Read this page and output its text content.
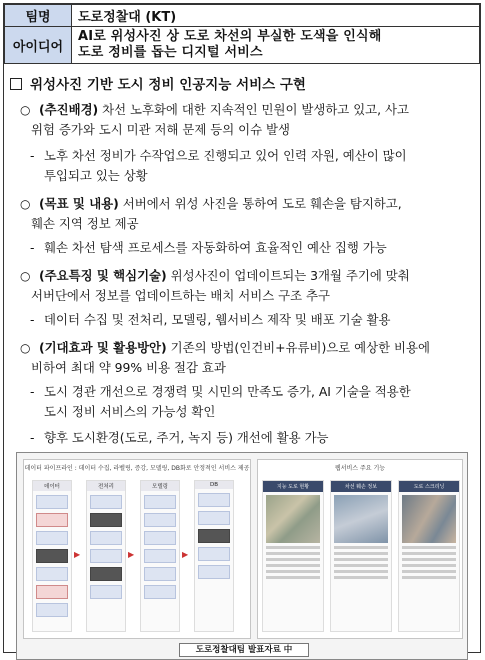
팀명	도로정찰대 (KT)
아이디어	AI로 위성사진 상 도로 차선의 부실한 도색을 인식해
도로 정비를 돕는 디지털 서비스
위성사진 기반 도시 정비 인공지능 서비스 구현
○ (추진배경) 차선 노후화에 대한 지속적인 민원이 발생하고 있고, 사고
위험 증가와 도시 미관 저해 문제 등의 이슈 발생
- 노후 차선 정비가 수작업으로 진행되고 있어 인력 자원, 예산이 많이
투입되고 있는 상황
○ (목표 및 내용) 서버에서 위성 사진을 통하여 도로 훼손을 탐지하고,
훼손 지역 정보 제공
- 훼손 차선 탐색 프로세스를 자동화하여 효율적인 예산 집행 가능
○ (주요특징 및 핵심기술) 위성사진이 업데이트되는 3개월 주기에 맞춰
서버단에서 정보를 업데이트하는 배치 서비스 구조 추구
- 데이터 수집 및 전처리, 모델링, 웹서비스 제작 및 배포 기술 활용
○ (기대효과 및 활용방안) 기존의 방법(인건비+유류비)으로 예상한 비용에
비하여 최대 약 99% 비용 절감 효과
- 도시 경관 개선으로 경쟁력 및 시민의 만족도 증가, AI 기술을 적용한
도시 정비 서비스의 가능성 확인
- 향후 도시환경(도로, 주거, 녹지 등) 개선에 활용 가능
데이터 파이프라인 : 데이터 수집, 라벨링, 증강, 모델링, DB화로 안정적인 서비스 제공
데이터
▶
전처리
▶
모델링
▶
DB
웹서비스 주요 기능
지능 도로 현황	차선 훼손 정보	도로 스크리닝
도로정찰대팀 발표자료 中
